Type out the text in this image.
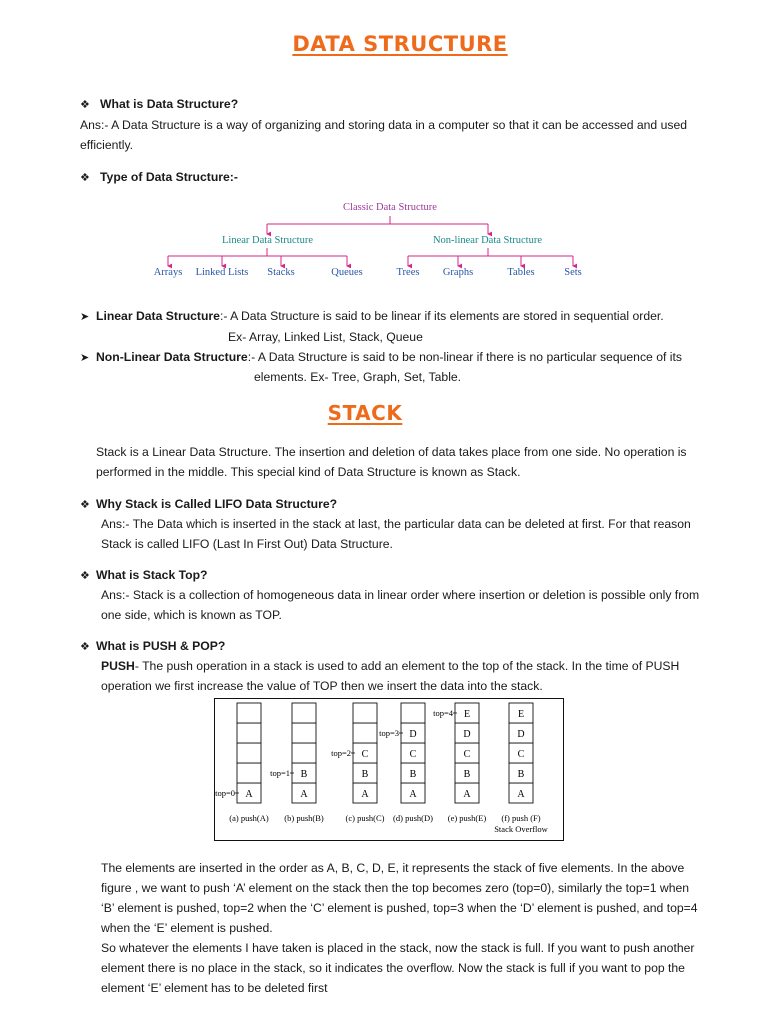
DATA STRUCTURE
❖ What is Data Structure?
Ans:- A Data Structure is a way of organizing and storing data in a computer so that it can be accessed and used
efficiently.
❖ Type of Data Structure:-
Classic Data Structure
Linear Data Structure	Non-linear Data Structure
Arrays	Linked Lists	Stacks	Queues	Trees	Graphs	Tables	Sets
➤ Linear Data Structure:- A Data Structure is said to be linear if its elements are stored in sequential order.
Ex- Array, Linked List, Stack, Queue
➤ Non-Linear Data Structure:- A Data Structure is said to be non-linear if there is no particular sequence of its
elements. Ex- Tree, Graph, Set, Table.
STACK
Stack is a Linear Data Structure. The insertion and deletion of data takes place from one side. No operation is
performed in the middle. This special kind of Data Structure is known as Stack.
❖ Why Stack is Called LIFO Data Structure?
Ans:- The Data which is inserted in the stack at last, the particular data can be deleted at first. For that reason
Stack is called LIFO (Last In First Out) Data Structure.
❖ What is Stack Top?
Ans:- Stack is a collection of homogeneous data in linear order where insertion or deletion is possible only from
one side, which is known as TOP.
❖ What is PUSH & POP?
PUSH- The push operation in a stack is used to add an element to the top of the stack. In the time of PUSH
operation we first increase the value of TOP then we insert the data into the stack.
A
top=0
(a) push(A)
A
B
top=1
(b) push(B)
A
B
C
top=2
(c) push(C)
A
B
C
D
top=3
(d) push(D)
A
B
C
D
E
top=4
(e) push(E)
A
B
C
D
E
(f) push (F)
Stack Overflow
The elements are inserted in the order as A, B, C, D, E, it represents the stack of five elements. In the above
figure , we want to push ‘A’ element on the stack then the top becomes zero (top=0), similarly the top=1 when
‘B’ element is pushed, top=2 when the ‘C’ element is pushed, top=3 when the ‘D’ element is pushed, and top=4
when the ‘E’ element is pushed.
So whatever the elements I have taken is placed in the stack, now the stack is full. If you want to push another
element there is no place in the stack, so it indicates the overflow. Now the stack is full if you want to pop the
element ‘E’ element has to be deleted first
